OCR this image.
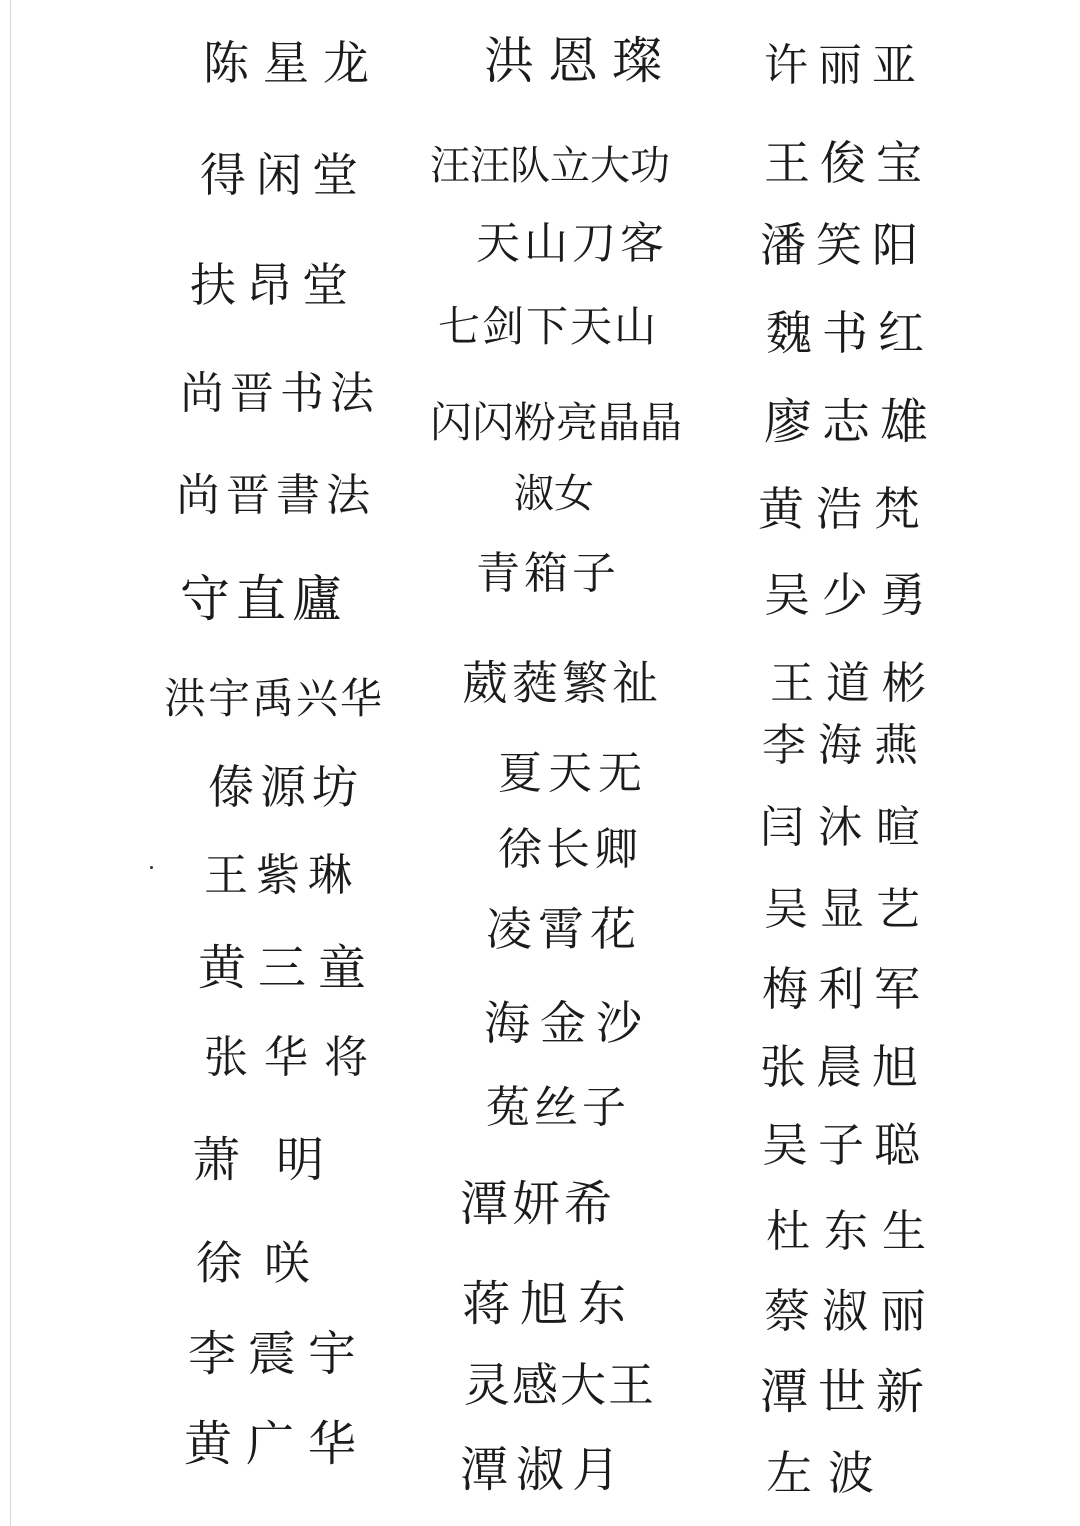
陈星龙
得闲堂
扶昂堂
尚晋书法
尚晋書法
守直廬
洪宇禹兴华
傣源坊
王紫琳
黄三童
张华将
萧明
徐咲
李震宇
黄广华
洪恩璨
汪汪队立大功
天山刀客
七剑下天山
闪闪粉亮晶晶
淑女
青箱子
葳蕤繁祉
夏天无
徐长卿
凌霄花
海金沙
菟丝子
潭妍希
蒋旭东
灵感大王
潭淑月
许丽亚
王俊宝
潘笑阳
魏书红
廖志雄
黄浩梵
吴少勇
王道彬
李海燕
闫沐暄
吴显艺
梅利军
张晨旭
吴子聪
杜东生
蔡淑丽
潭世新
左波
